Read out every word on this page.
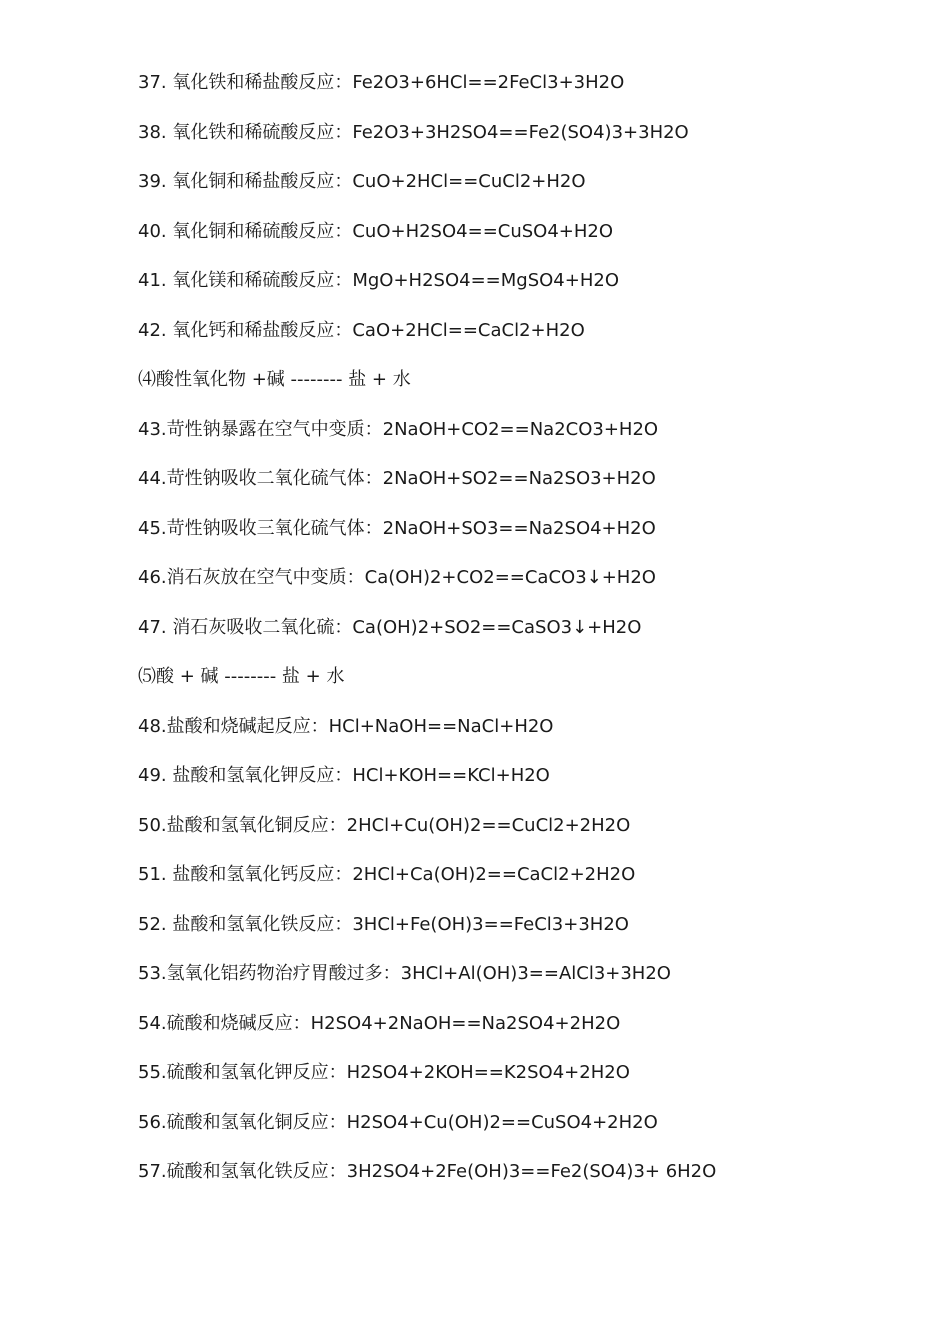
37. 氧化铁和稀盐酸反应：Fe2O3+6HCl==2FeCl3+3H2O
38. 氧化铁和稀硫酸反应：Fe2O3+3H2SO4==Fe2(SO4)3+3H2O
39. 氧化铜和稀盐酸反应：CuO+2HCl==CuCl2+H2O
40. 氧化铜和稀硫酸反应：CuO+H2SO4==CuSO4+H2O
41. 氧化镁和稀硫酸反应：MgO+H2SO4==MgSO4+H2O
42. 氧化钙和稀盐酸反应：CaO+2HCl==CaCl2+H2O
⑷酸性氧化物 +碱 -------- 盐 + 水
43.苛性钠暴露在空气中变质：2NaOH+CO2==Na2CO3+H2O
44.苛性钠吸收二氧化硫气体：2NaOH+SO2==Na2SO3+H2O
45.苛性钠吸收三氧化硫气体：2NaOH+SO3==Na2SO4+H2O
46.消石灰放在空气中变质：Ca(OH)2+CO2==CaCO3↓+H2O
47. 消石灰吸收二氧化硫：Ca(OH)2+SO2==CaSO3↓+H2O
⑸酸 + 碱 -------- 盐 + 水
48.盐酸和烧碱起反应：HCl+NaOH==NaCl+H2O
49. 盐酸和氢氧化钾反应：HCl+KOH==KCl+H2O
50.盐酸和氢氧化铜反应：2HCl+Cu(OH)2==CuCl2+2H2O
51. 盐酸和氢氧化钙反应：2HCl+Ca(OH)2==CaCl2+2H2O
52. 盐酸和氢氧化铁反应：3HCl+Fe(OH)3==FeCl3+3H2O
53.氢氧化铝药物治疗胃酸过多：3HCl+Al(OH)3==AlCl3+3H2O
54.硫酸和烧碱反应：H2SO4+2NaOH==Na2SO4+2H2O
55.硫酸和氢氧化钾反应：H2SO4+2KOH==K2SO4+2H2O
56.硫酸和氢氧化铜反应：H2SO4+Cu(OH)2==CuSO4+2H2O
57.硫酸和氢氧化铁反应：3H2SO4+2Fe(OH)3==Fe2(SO4)3+ 6H2O
